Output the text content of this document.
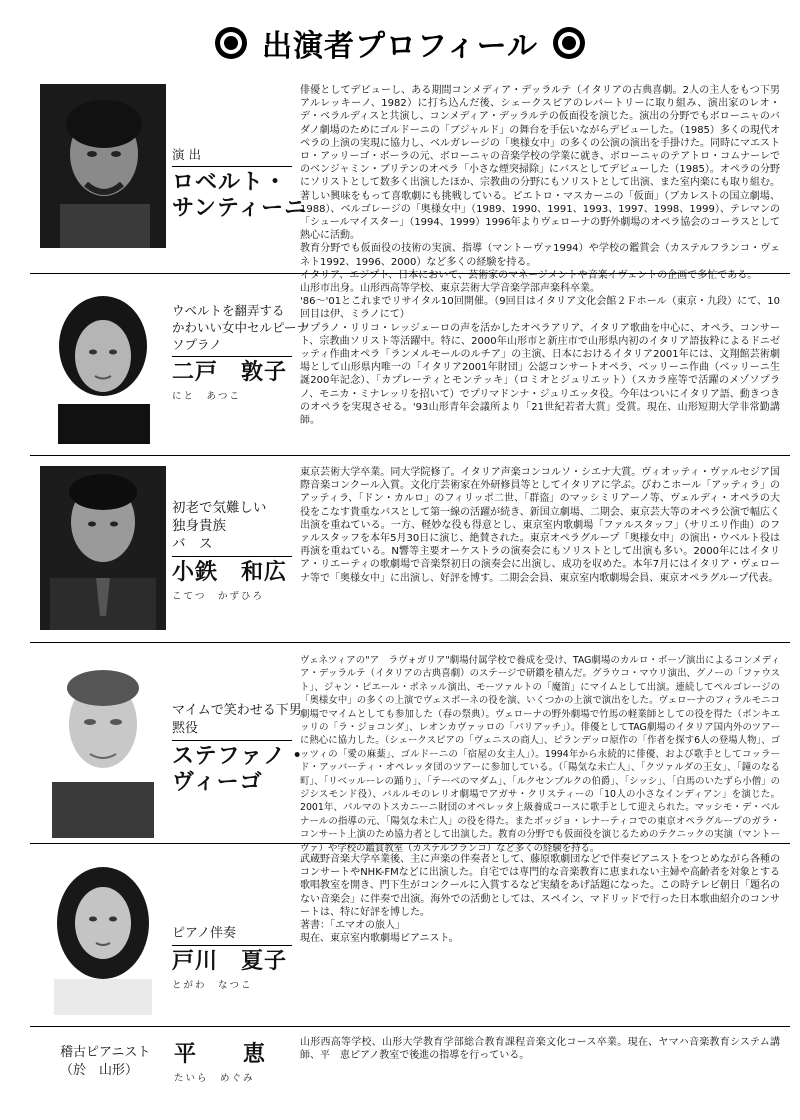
出演者プロフィール
演 出
ロベルト・
サンティーニ

俳優としてデビューし、ある期間コンメディア・デッラルテ（イタリアの古典喜劇。2人の主人をもつ下男アルレッキーノ、1982）に打ち込んだ後、シェークスピアのレパートリーに取り組み、演出家のレオ・デ・ベラルディスと共演し、コンメディア・デッラルテの仮面役を演じた。演出の分野でもボローニャのバダノ劇場のためにゴルドーニの「ブジャルド」の舞台を手伝いながらデビューした。（1985）多くの現代オペラの上演の実現に協力し、ベルガレージの「奥様女中」の多くの公演の演出を手掛けた。同時にマエストロ・アッリーゴ・ボーラの元、ボローニャの音楽学校の学業に就き、ボローニャのテアトロ・コムナーレでのベンジャミン・ブリテンのオペラ「小さな煙突掃除」にバスとしてデビューした（1985）。オペラの分野にソリストとして数多く出演したほか、宗教曲の分野にもソリストとして出演、また室内楽にも取り組む。著しい興味をもって喜歌劇にも挑戦している。ピエトロ・マスカーニの「仮面」（ブカレストの国立劇場、1988）、ベルゴレージの「奥様女中」（1989、1990、1991、1993、1997、1998、1999）、テレマンの「シュールマイスター」（1994、1999）1996年よりヴェローナの野外劇場のオペラ協会のコーラスとして熱心に活動。

教育分野でも仮面役の技術の実演、指導（マントーヴァ1994）や学校の鑑賞会（カステルフランコ・ヴェネト1992、1996、2000）など多くの経験を持る。

イタリア、エジプト、日本において、芸術家のマネージメントや音楽イヴェントの企画で多忙である。

ウベルトを翻弄する
かわいい女中セルピーナ
ソプラノ
二戸　敦子
にと　あつこ

山形市出身。山形西高等学校、東京芸術大学音楽学部声楽科卒業。

'86～'01とこれまでリサイタル10回開催。（9回目はイタリア文化会館２Ｆホール（東京・九段）にて、10回目は伊、ミラノにて）

ソプラノ・リリコ・レッジェーロの声を活かしたオペラアリア、イタリア歌曲を中心に、オペラ、コンサート、宗教曲ソリスト等活躍中。特に、2000年山形市と新庄市で山形県内初のイタリア語抜粋によるドニゼッティ作曲オペラ「ランメルモールのルチア」の主演、日本におけるイタリア2001年には、文翔館芸術劇場として山形県内唯一の「イタリア2001年財団」公認コンサートオペラ、ベッリーニ作曲（ベッリーニ生誕200年記念）、「カプレーティとモンテッキ」（ロミオとジュリエット）（スカラ座等で活躍のメゾソプラノ、モニカ・ミナレッリを招いて）でプリマドンナ・ジュリエッタ役。今年はついにイタリア語、動きつきのオペラを実現させる。'93山形青年会議所より「21世紀若者大賞」受賞。現在、山形短期大学非常勤講師。

初老で気難しい
独身貴族
バ　ス
小鉄　和広
こてつ　かずひろ

東京芸術大学卒業。同大学院修了。イタリア声楽コンコルソ・シエナ大賞。ヴィオッティ・ヴァルセジア国際音楽コンクール入賞。文化庁芸術家在外研修員等としてイタリアに学ぶ。びわこホール「アッティラ」のアッティラ、「ドン・カルロ」のフィリッポ二世、「群盗」のマッシミリアーノ等、ヴェルディ・オペラの大役をこなす貴重なバスとして第一線の活躍が続き、新国立劇場、二期会、東京芸大等のオペラ公演で幅広く出演を重ねている。一方、軽妙な役も得意とし、東京室内歌劇場「ファルスタッフ」（サリエリ作曲）のファルスタッフを本年5月30日に演じ、絶賛された。東京オペラグループ「奥様女中」の演出・ウベルト役は再演を重ねている。N響等主要オーケストラの演奏会にもソリストとして出演も多い。2000年にはイタリア・リエーティの歌劇場で音楽祭初日の演奏会に出演し、成功を収めた。本年7月にはイタリア・ヴェローナ等で「奥様女中」に出演し、好評を博す。二期会会員、東京室内歌劇場会員、東京オペラグループ代表。

マイムで笑わせる下男
黙役
ステファノ・
ヴィーゴ

ヴェネツィアの"ア　ラヴォガリア"劇場付属学校で養成を受け、TAG劇場のカルロ・ボーゾ演出によるコンメディア・デッラルテ（イタリアの古典喜劇）のステージで研鑽を積んだ。グラウコ・マウリ演出、グノーの「ファウスト」、ジャン・ピエール・ポネッル演出、モーツァルトの「魔笛」にマイムとして出演。連続してペルゴレージの「奥様女中」の多くの上演でヴェスポーネの役を演、いくつかの上演で演出をした。ヴェローナのフィラルモニコ劇場でマイムとしても参加した（春の祭典）。ヴェローナの野外劇場で竹馬の軽業師としての役を得た（ポンキエッリの「ラ・ジョコンダ」、レオンカヴァッロの「パリアッチ」）。俳優としてTAG劇場のイタリア国内外のツアーに熱心に協力した。（シェークスピアの「ヴェニスの商人」、ピランデッロ原作の「作者を探す6人の登場人物」、ゴッツィの「愛の麻薬」、ゴルドーニの「宿屋の女主人」）。1994年から永続的に俳優、および歌手としてコッラード・アッバーティ・オペレッタ団のツアーに参加している。（「陽気な未亡人」、「クツァルダの王女」、「鐘のなる町」、「リベッルーレの踊り」、「テーベのマダム」、「ルクセンブルクの伯爵」、「シッシ」、「白馬のいたずら小僧」のジシスモンド役）、バルルモのレリオ劇場でアガサ・クリスティーの「10人の小さなインディアン」を演じた。2001年、パルマのトスカニーニ財団のオペレッタ上級養成コースに歌手として迎えられた。マッシモ・デ・ベルナールの指導の元、「陽気な未亡人」の役を得た。またボッジョ・レナーティコでの東京オペラグループのガラ・コンサート上演のため協力者として出演した。教育の分野でも仮面役を演じるためのテクニックの実演（マントーヴァ）や学校の鑑賞教室（カステルフランコ）など多くの経験を持る。

ピアノ伴奏
戸川　夏子
とがわ　なつこ

武蔵野音楽大学卒業後、主に声楽の伴奏者として、藤原歌劇団などで伴奏ピアニストをつとめながら各種のコンサートやNHK-FMなどに出演した。自宅では専門的な音楽教育に恵まれない主婦や高齢者を対象とする歌唱教室を開き、門下生がコンクールに入賞するなど実績をあげ話題になった。この時テレビ朝日「題名のない音楽会」に伴奏で出演。海外での活動としては、スペイン、マドリッドで行った日本歌曲紹介のコンサートは、特に好評を博した。

著書：「エマオの旅人」

現在、東京室内歌劇場ピアニスト。

稽古ピアニスト
（於　山形）
平　　恵
たいら　めぐみ

山形西高等学校、山形大学教育学部総合教育課程音楽文化コース卒業。現在、ヤマハ音楽教育システム講師、平　恵ピアノ教室で後進の指導を行っている。
